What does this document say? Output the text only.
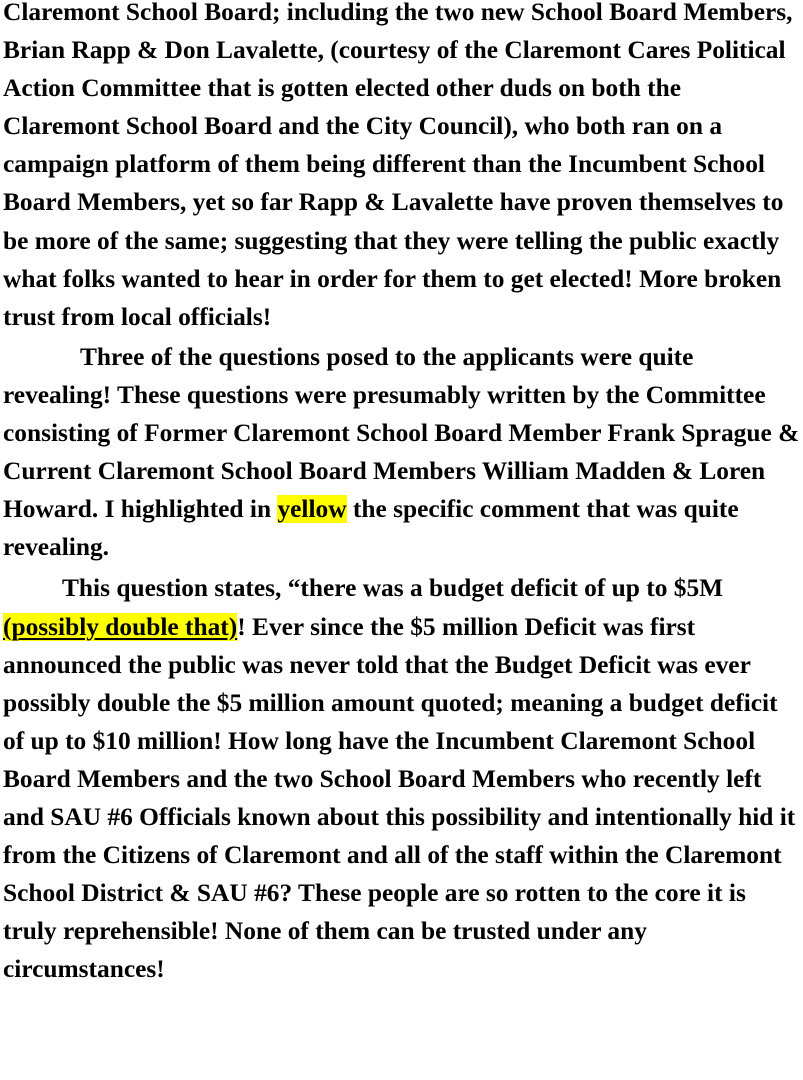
Claremont School Board; including the two new School Board Members, Brian Rapp & Don Lavalette, (courtesy of the Claremont Cares Political Action Committee that is gotten elected other duds on both the Claremont School Board and the City Council), who both ran on a campaign platform of them being different than the Incumbent School Board Members, yet so far Rapp & Lavalette have proven themselves to be more of the same; suggesting that they were telling the public exactly what folks wanted to hear in order for them to get elected! More broken trust from local officials!

Three of the questions posed to the applicants were quite revealing! These questions were presumably written by the Committee consisting of Former Claremont School Board Member Frank Sprague & Current Claremont School Board Members William Madden & Loren Howard. I highlighted in yellow the specific comment that was quite revealing.

This question states, “there was a budget deficit of up to $5M (possibly double that)! Ever since the $5 million Deficit was first announced the public was never told that the Budget Deficit was ever possibly double the $5 million amount quoted; meaning a budget deficit of up to $10 million! How long have the Incumbent Claremont School Board Members and the two School Board Members who recently left and SAU #6 Officials known about this possibility and intentionally hid it from the Citizens of Claremont and all of the staff within the Claremont School District & SAU #6? These people are so rotten to the core it is truly reprehensible! None of them can be trusted under any circumstances!
